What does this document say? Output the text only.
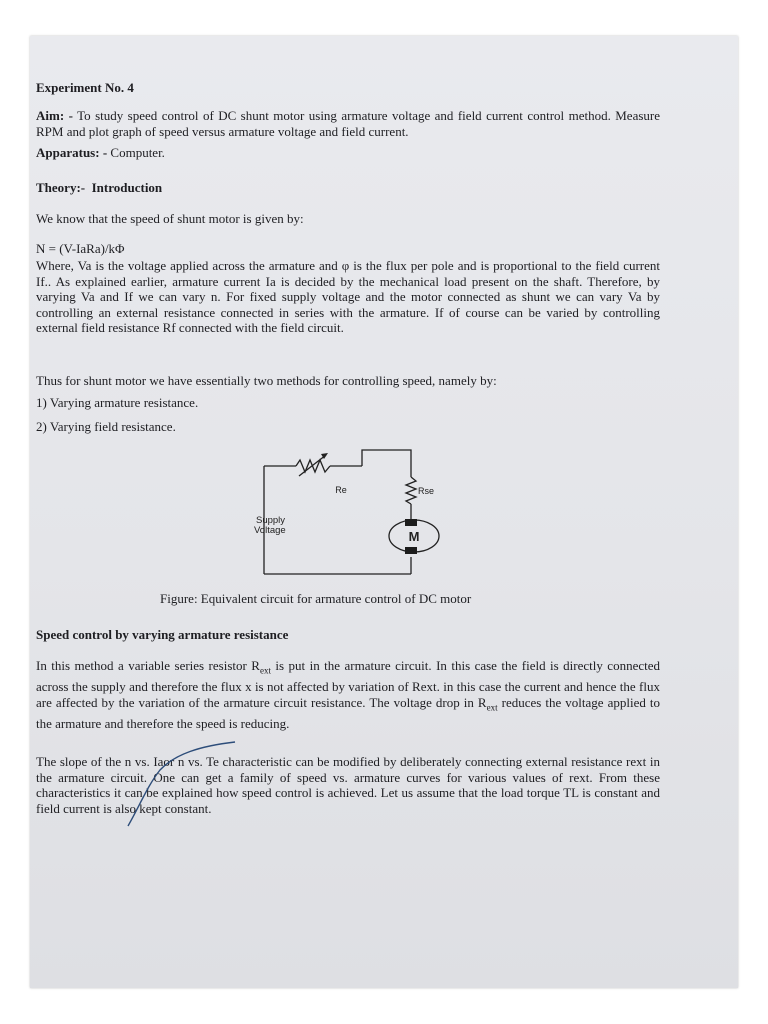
Experiment No. 4
Aim: - To study speed control of DC shunt motor using armature voltage and field current control method. Measure RPM and plot graph of speed versus armature voltage and field current.
Apparatus: - Computer.
Theory:- Introduction
We know that the speed of shunt motor is given by:
N = (V-IaRa)/kΦ
Where, Va is the voltage applied across the armature and φ is the flux per pole and is proportional to the field current If.. As explained earlier, armature current Ia is decided by the mechanical load present on the shaft. Therefore, by varying Va and If we can vary n. For fixed supply voltage and the motor connected as shunt we can vary Va by controlling an external resistance connected in series with the armature. If of course can be varied by controlling external field resistance Rf connected with the field circuit.
Thus for shunt motor we have essentially two methods for controlling speed, namely by:
1) Varying armature resistance.
2) Varying field resistance.
Re	Rse
Supply
Voltage	M
Figure: Equivalent circuit for armature control of DC motor
Speed control by varying armature resistance
In this method a variable series resistor $R_{ext}$ is put in the armature circuit. In this case the field is directly connected across the supply and therefore the flux x is not affected by variation of Rext. in this case the current and hence the flux are affected by the variation of the armature circuit resistance. The voltage drop in $R_{ext}$ reduces the voltage applied to the armature and therefore the speed is reducing.
The slope of the n vs. Iaor n vs. Te characteristic can be modified by deliberately connecting external resistance rext in the armature circuit. One can get a family of speed vs. armature curves for various values of rext. From these characteristics it can be explained how speed control is achieved. Let us assume that the load torque TL is constant and field current is also kept constant.
